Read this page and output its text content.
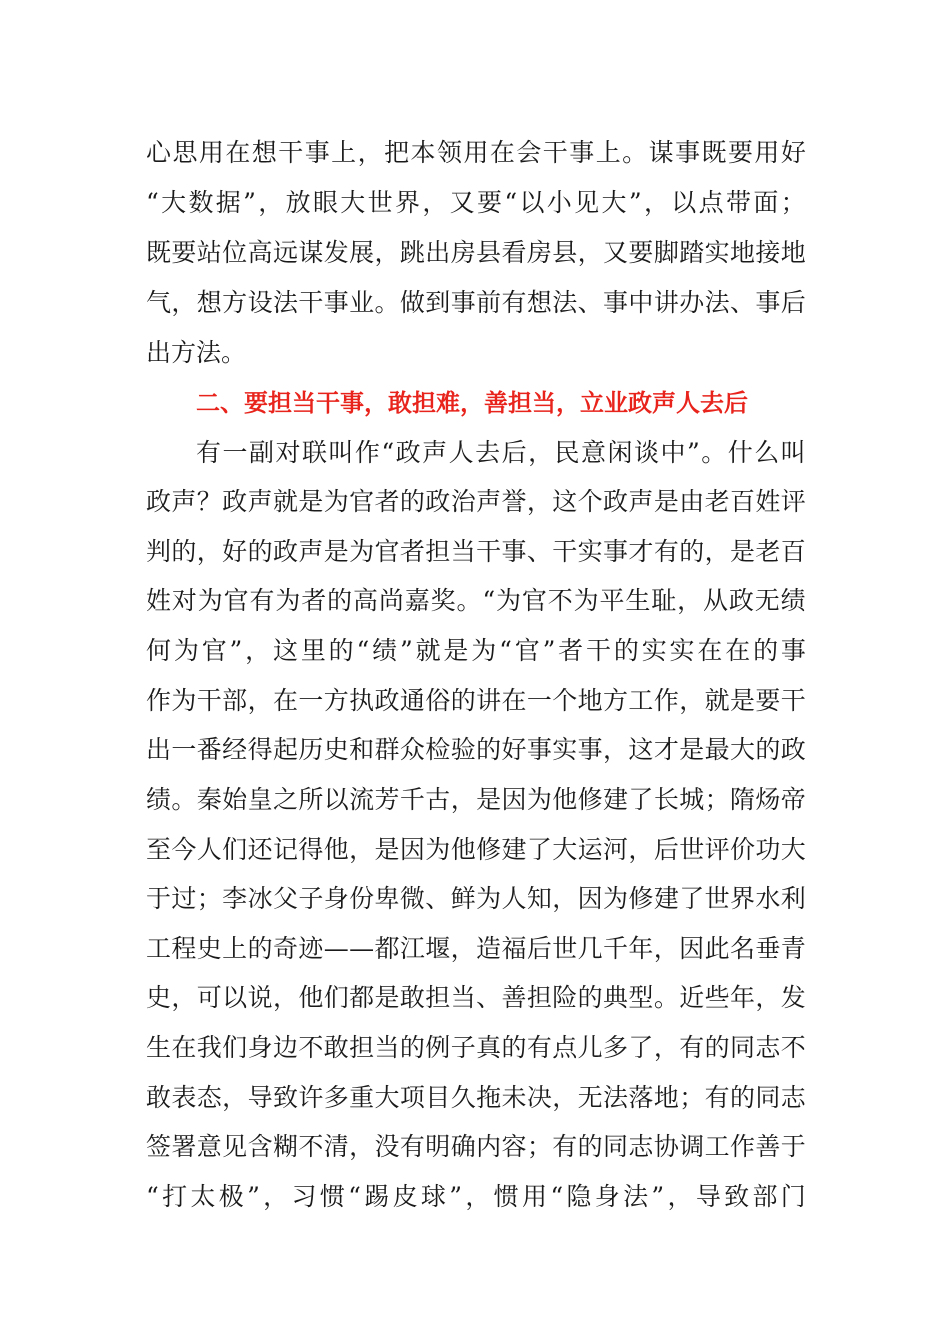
心 思 用 在 想 干 事 上 ， 把 本 领 用 在 会 干 事 上 。 谋 事 既 要 用 好
“ 大 数 据 ” ， 放 眼 大 世 界 ， 又 要 “ 以 小 见 大 ” ， 以 点 带 面 ；
既 要 站 位 高 远 谋 发 展 ， 跳 出 房 县 看 房 县 ， 又 要 脚 踏 实 地 接 地
气 ， 想 方 设 法 干 事 业 。 做 到 事 前 有 想 法 、 事 中 讲 办 法 、 事 后
出方法。
二、要担当干事，敢担难，善担当，立业政声人去后
有 一 副 对 联 叫 作 “ 政 声 人 去 后 ， 民 意 闲 谈 中 ” 。 什 么 叫
政 声 ？ 政 声 就 是 为 官 者 的 政 治 声 誉 ， 这 个 政 声 是 由 老 百 姓 评
判 的 ， 好 的 政 声 是 为 官 者 担 当 干 事 、 干 实 事 才 有 的 ， 是 老 百
姓 对 为 官 有 为 者 的 高 尚 嘉 奖 。 “ 为 官 不 为 平 生 耻 ， 从 政 无 绩
何 为 官 ” ， 这 里 的 “ 绩 ” 就 是 为 “ 官 ” 者 干 的 实 实 在 在 的 事
作 为 干 部 ， 在 一 方 执 政 通 俗 的 讲 在 一 个 地 方 工 作 ， 就 是 要 干
出 一 番 经 得 起 历 史 和 群 众 检 验 的 好 事 实 事 ， 这 才 是 最 大 的 政
绩 。 秦 始 皇 之 所 以 流 芳 千 古 ， 是 因 为 他 修 建 了 长 城 ； 隋 炀 帝
至 今 人 们 还 记 得 他 ， 是 因 为 他 修 建 了 大 运 河 ， 后 世 评 价 功 大
于 过 ； 李 冰 父 子 身 份 卑 微 、 鲜 为 人 知 ， 因 为 修 建 了 世 界 水 利
工 程 史 上 的 奇 迹 — — 都 江 堰 ， 造 福 后 世 几 千 年 ， 因 此 名 垂 青
史 ， 可 以 说 ， 他 们 都 是 敢 担 当 、 善 担 险 的 典 型 。 近 些 年 ， 发
生 在 我 们 身 边 不 敢 担 当 的 例 子 真 的 有 点 儿 多 了 ， 有 的 同 志 不
敢 表 态 ， 导 致 许 多 重 大 项 目 久 拖 未 决 ， 无 法 落 地 ； 有 的 同 志
签 署 意 见 含 糊 不 清 ， 没 有 明 确 内 容 ； 有 的 同 志 协 调 工 作 善 于
“ 打 太 极 ” ， 习 惯 “ 踢 皮 球 ” ， 惯 用 “ 隐 身 法 ” ， 导 致 部 门
